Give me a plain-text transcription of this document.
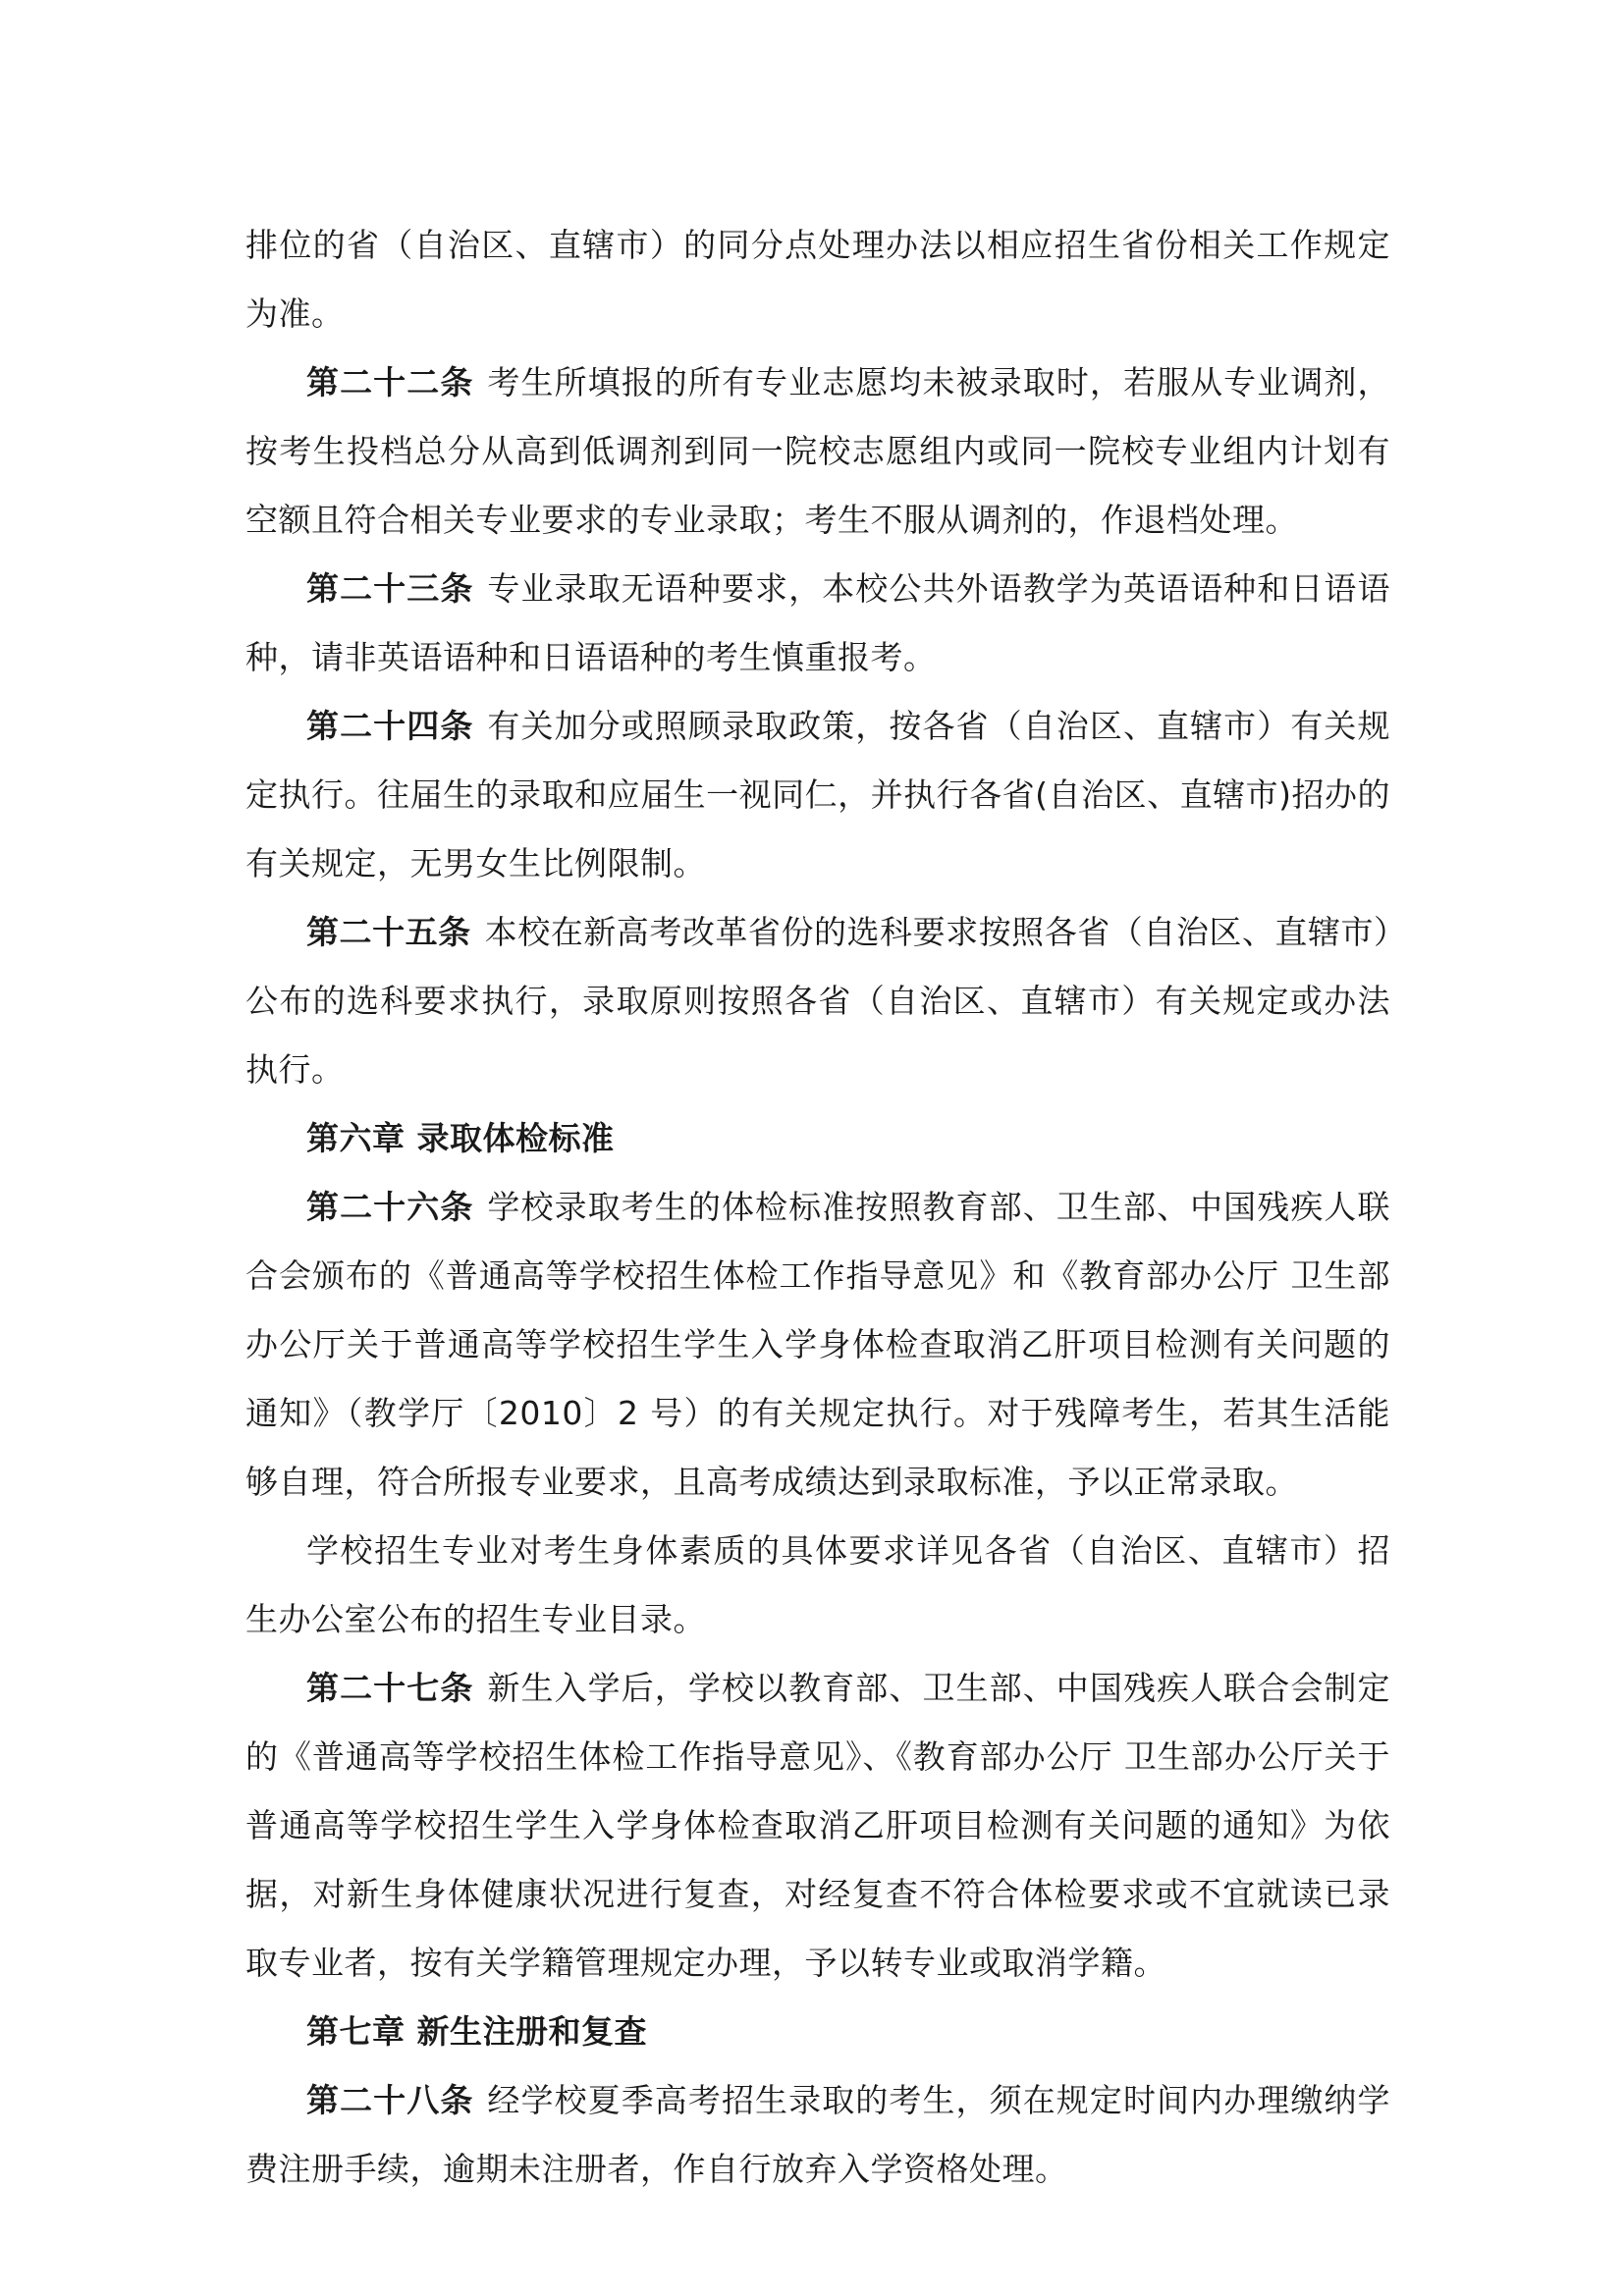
排位的省（自治区、直辖市）的同分点处理办法以相应招生省份相关工作规定为准。

第二十二条 考生所填报的所有专业志愿均未被录取时，若服从专业调剂，按考生投档总分从高到低调剂到同一院校志愿组内或同一院校专业组内计划有空额且符合相关专业要求的专业录取；考生不服从调剂的，作退档处理。

第二十三条 专业录取无语种要求，本校公共外语教学为英语语种和日语语种，请非英语语种和日语语种的考生慎重报考。

第二十四条 有关加分或照顾录取政策，按各省（自治区、直辖市）有关规定执行。往届生的录取和应届生一视同仁，并执行各省(自治区、直辖市)招办的有关规定，无男女生比例限制。

第二十五条 本校在新高考改革省份的选科要求按照各省（自治区、直辖市）公布的选科要求执行，录取原则按照各省（自治区、直辖市）有关规定或办法执行。

第六章 录取体检标准

第二十六条 学校录取考生的体检标准按照教育部、卫生部、中国残疾人联合会颁布的《普通高等学校招生体检工作指导意见》和《教育部办公厅 卫生部办公厅关于普通高等学校招生学生入学身体检查取消乙肝项目检测有关问题的通知》（教学厅〔2010〕2 号）的有关规定执行。对于残障考生，若其生活能够自理，符合所报专业要求，且高考成绩达到录取标准，予以正常录取。

学校招生专业对考生身体素质的具体要求详见各省（自治区、直辖市）招生办公室公布的招生专业目录。

第二十七条 新生入学后，学校以教育部、卫生部、中国残疾人联合会制定的《普通高等学校招生体检工作指导意见》、《教育部办公厅 卫生部办公厅关于普通高等学校招生学生入学身体检查取消乙肝项目检测有关问题的通知》为依据，对新生身体健康状况进行复查，对经复查不符合体检要求或不宜就读已录取专业者，按有关学籍管理规定办理，予以转专业或取消学籍。

第七章 新生注册和复查

第二十八条 经学校夏季高考招生录取的考生，须在规定时间内办理缴纳学费注册手续，逾期未注册者，作自行放弃入学资格处理。
